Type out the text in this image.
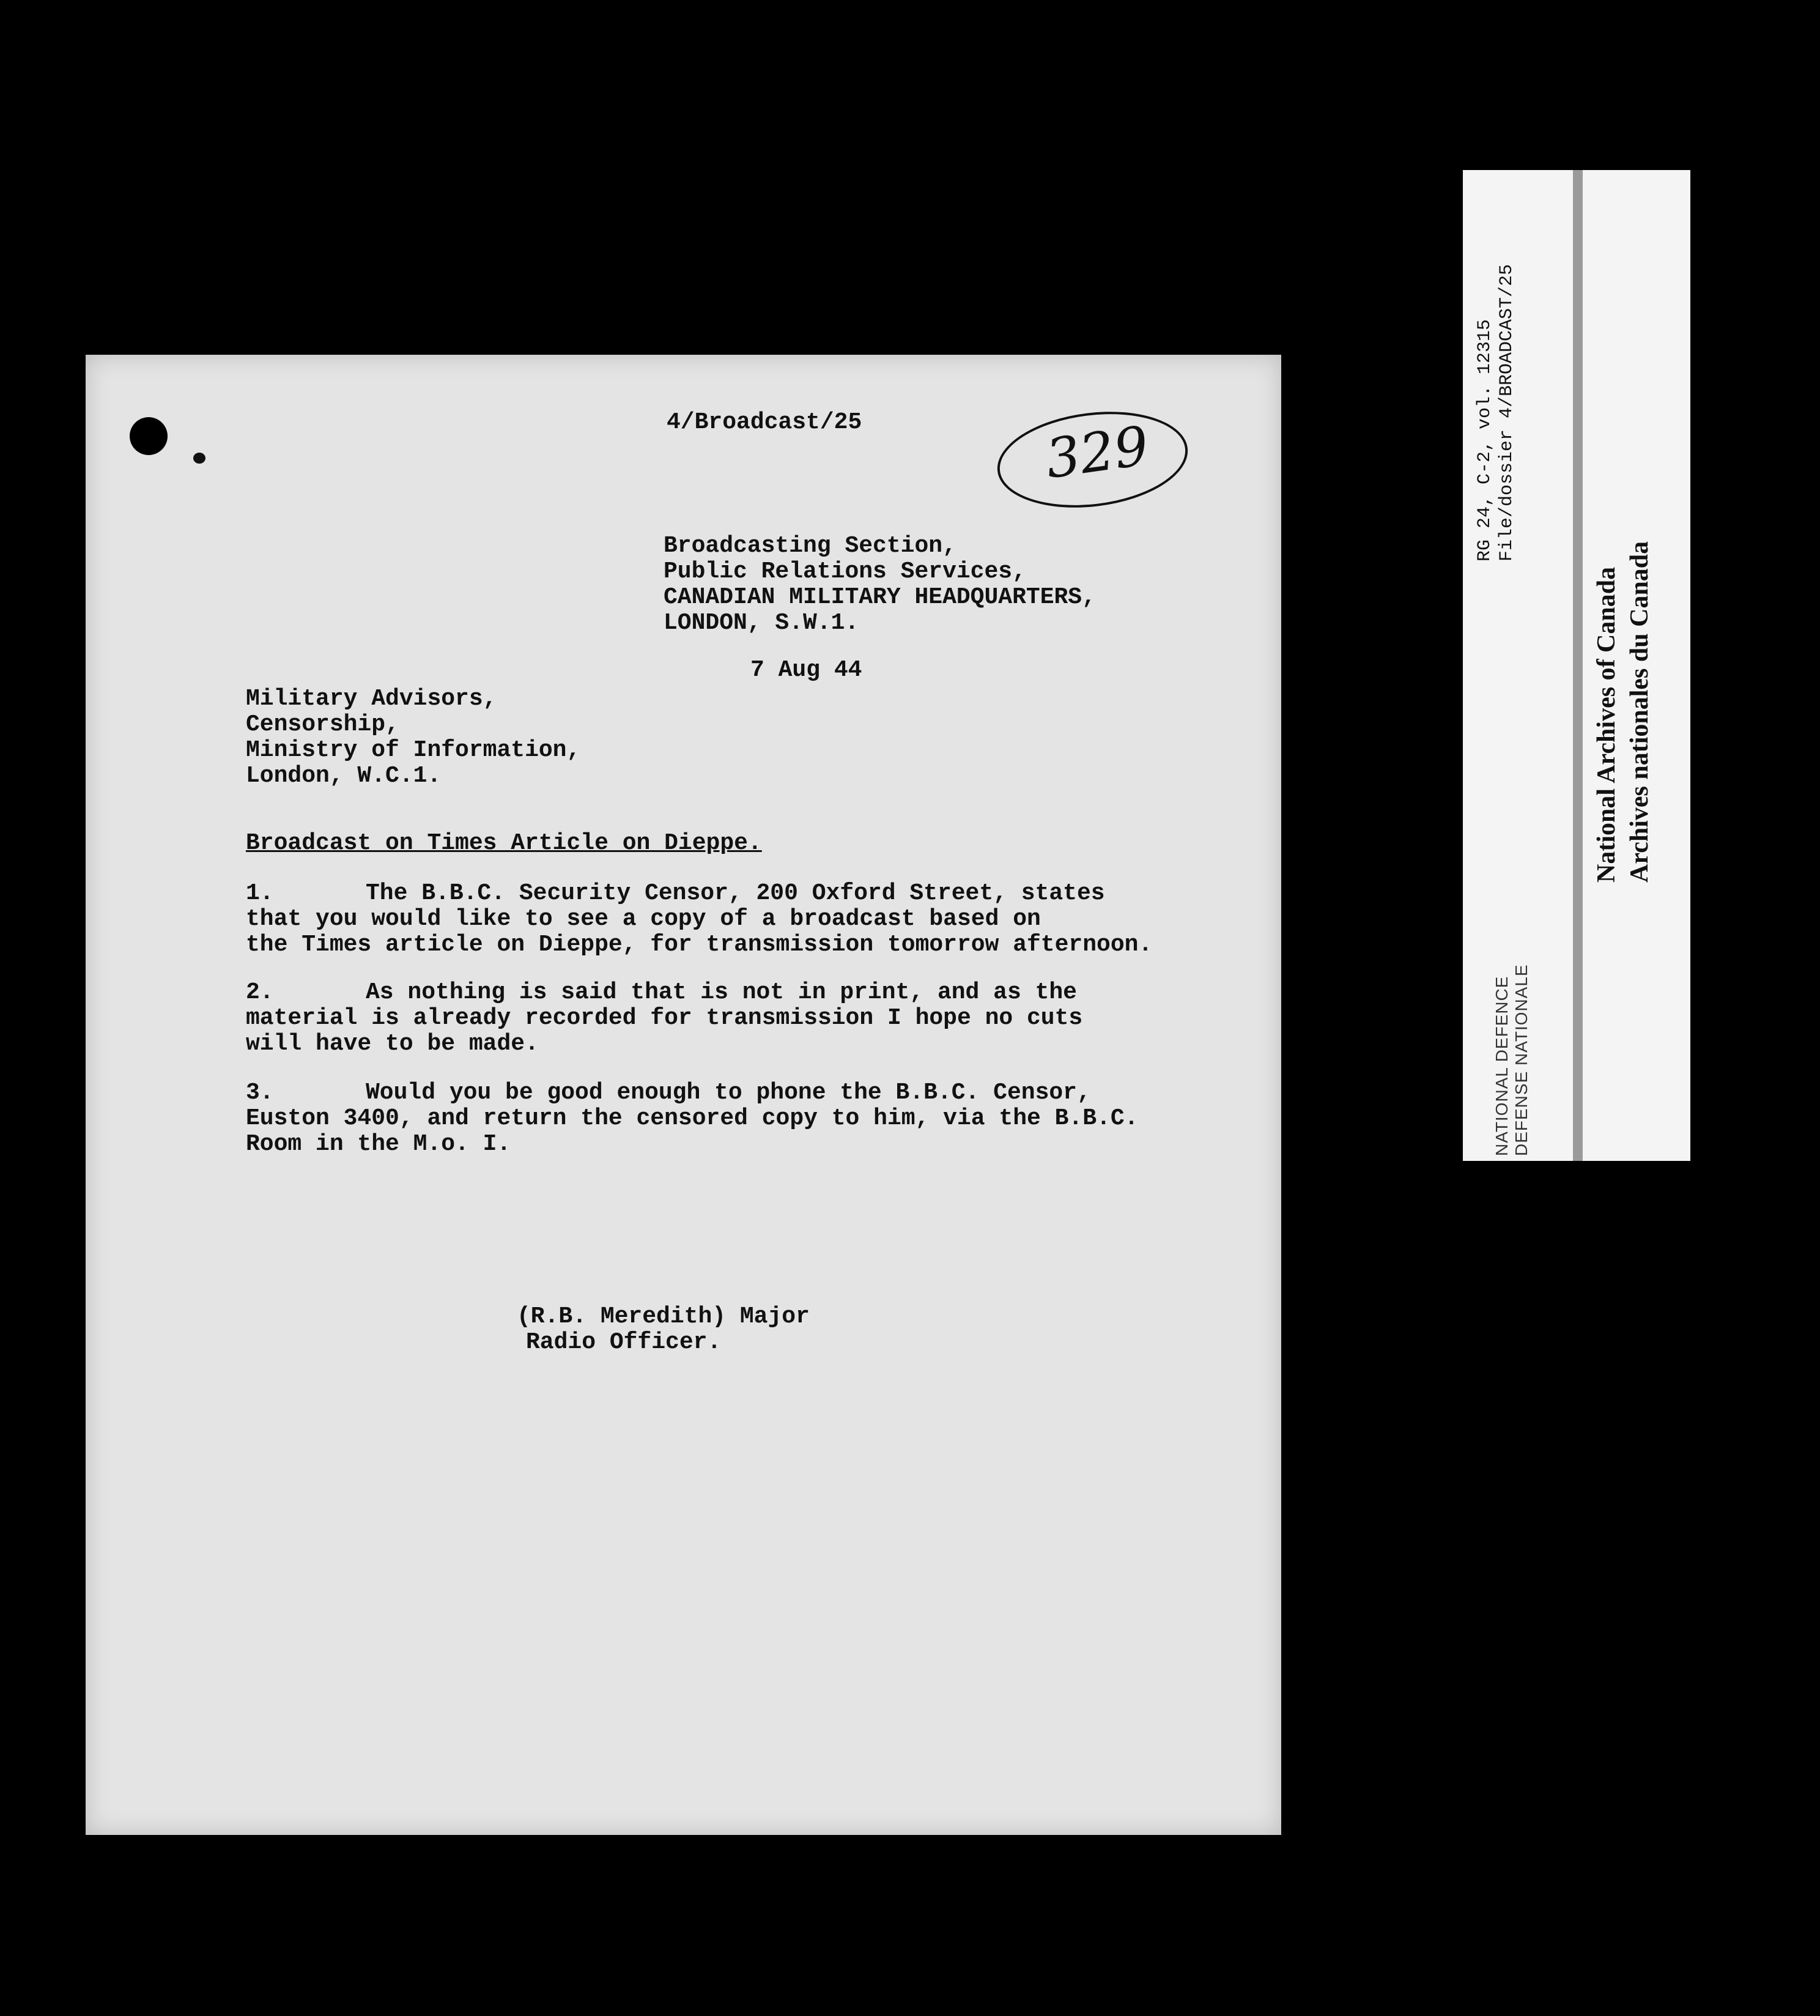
4/Broadcast/25	329

Broadcasting Section,

Public Relations Services,

CANADIAN MILITARY HEADQUARTERS,

LONDON, S.W.1.

7 Aug 44

Military Advisors,

Censorship,

Ministry of Information,

London, W.C.1.

Broadcast on Times Article on Dieppe.

1.	The B.B.C. Security Censor, 200 Oxford Street, states

that you would like to see a copy of a broadcast based on
the Times article on Dieppe, for transmission tomorrow afternoon.

2.	As nothing is said that is not in print, and as the

material is already recorded for transmission I hope no cuts
will have to be made.

3.	Would you be good enough to phone the B.B.C. Censor,

Euston 3400, and return the censored copy to him, via the B.B.C.
Room in the M.o. I.

(R.B. Meredith) Major

Radio Officer.

RG 24, C-2, vol. 12315 File/dossier 4/BROADCAST/25
NATIONAL DEFENCE DEFENSE NATIONALE
National Archives of Canada Archives nationales du Canada
